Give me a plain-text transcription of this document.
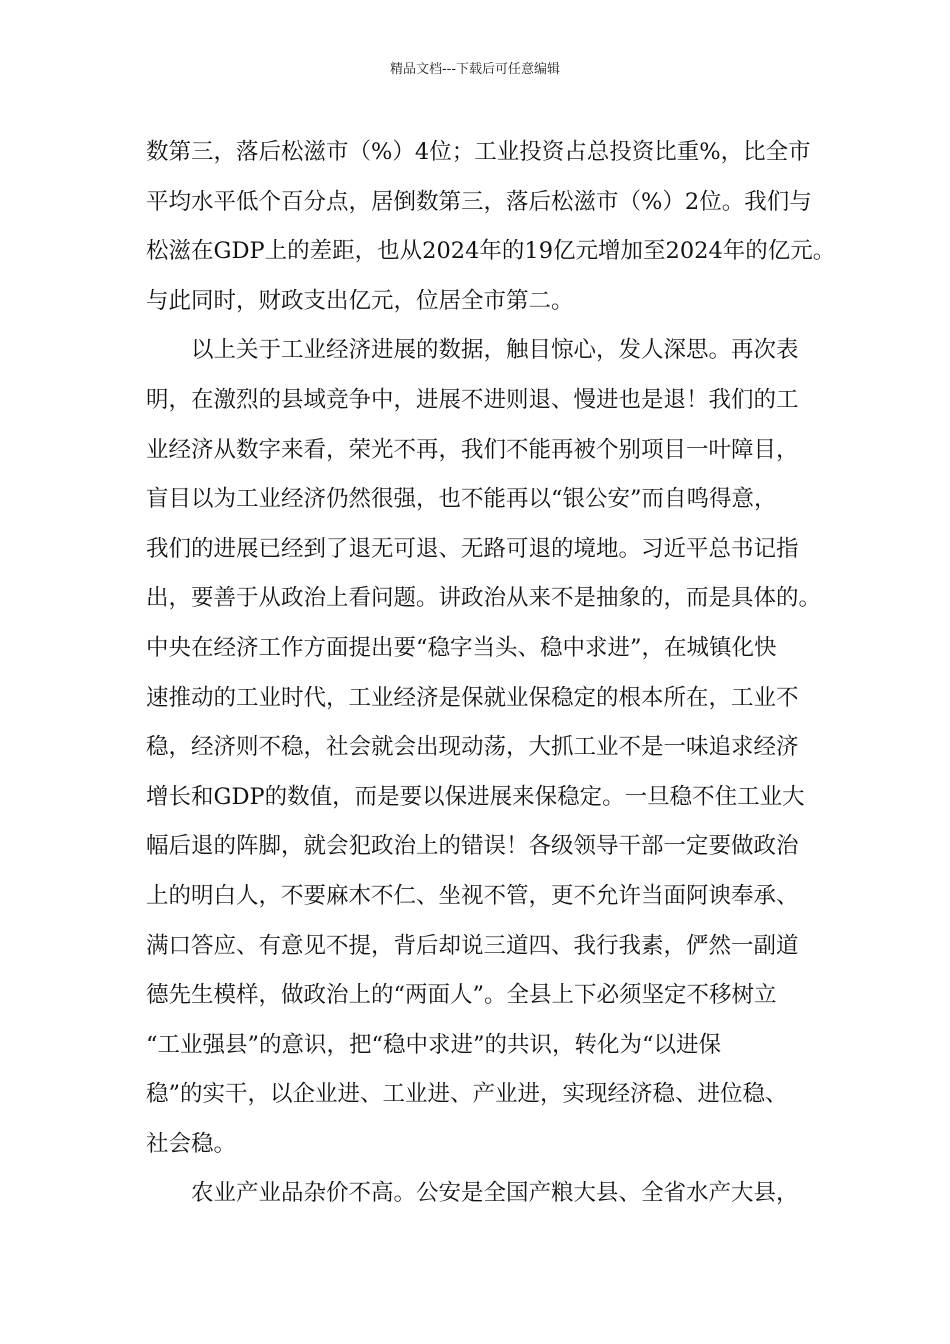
精品文档---下载后可任意编辑
数第三，落后松滋市（%）4位；工业投资占总投资比重%，比全市
平均水平低个百分点，居倒数第三，落后松滋市（%）2位。我们与
松滋在GDP上的差距，也从2024年的19亿元增加至2024年的亿元。
与此同时，财政支出亿元，位居全市第二。
以上关于工业经济进展的数据，触目惊心，发人深思。再次表
明，在激烈的县域竞争中，进展不进则退、慢进也是退！我们的工
业经济从数字来看，荣光不再，我们不能再被个别项目一叶障目，
盲目以为工业经济仍然很强，也不能再以“银公安”而自鸣得意，
我们的进展已经到了退无可退、无路可退的境地。习近平总书记指
出，要善于从政治上看问题。讲政治从来不是抽象的，而是具体的。
中央在经济工作方面提出要“稳字当头、稳中求进”，在城镇化快
速推动的工业时代，工业经济是保就业保稳定的根本所在，工业不
稳，经济则不稳，社会就会出现动荡，大抓工业不是一味追求经济
增长和GDP的数值，而是要以保进展来保稳定。一旦稳不住工业大
幅后退的阵脚，就会犯政治上的错误！各级领导干部一定要做政治
上的明白人，不要麻木不仁、坐视不管，更不允许当面阿谀奉承、
满口答应、有意见不提，背后却说三道四、我行我素，俨然一副道
德先生模样，做政治上的“两面人”。全县上下必须坚定不移树立
“工业强县”的意识，把“稳中求进”的共识，转化为“以进保
稳”的实干，以企业进、工业进、产业进，实现经济稳、进位稳、
社会稳。
农业产业品杂价不高。公安是全国产粮大县、全省水产大县，
